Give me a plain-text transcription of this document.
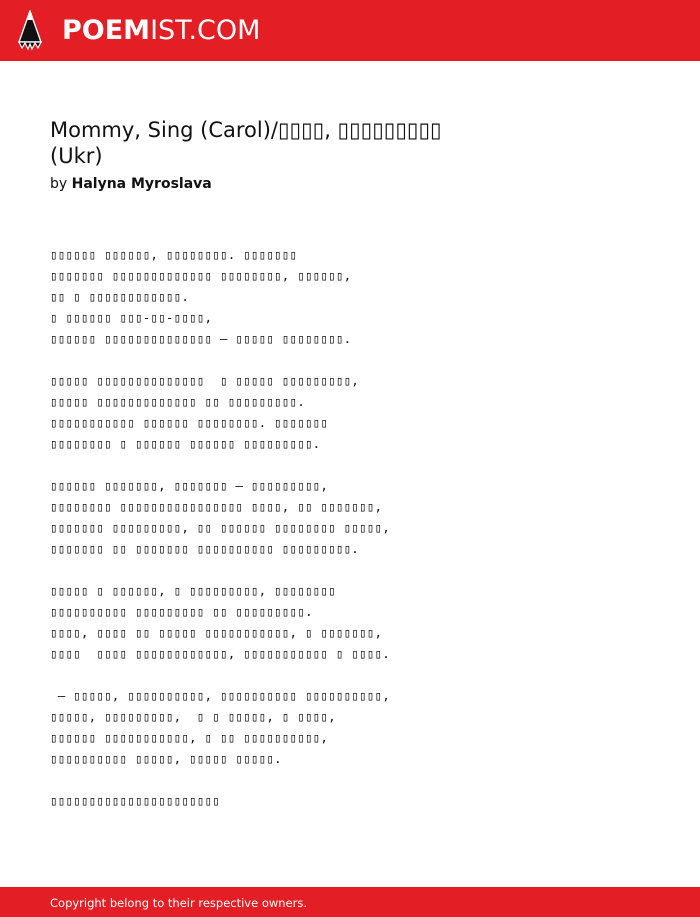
POEMIST.COM
Mommy, Sing (Carol)/▯▯▯▯, ▯▯▯▯▯▯▯▯▯ (Ukr)
by Halyna Myroslava
▯▯▯▯▯▯ ▯▯▯▯▯▯, ▯▯▯▯▯▯▯▯. ▯▯▯▯▯▯▯
▯▯▯▯▯▯▯ ▯▯▯▯▯▯▯▯▯▯▯▯▯ ▯▯▯▯▯▯▯▯, ▯▯▯▯▯▯,
▯▯ ▯ ▯▯▯▯▯▯▯▯▯▯▯▯.
▯ ▯▯▯▯▯▯ ▯▯▯-▯▯-▯▯▯▯,
▯▯▯▯▯▯ ▯▯▯▯▯▯▯▯▯▯▯▯▯▯ – ▯▯▯▯▯ ▯▯▯▯▯▯▯▯.
▯▯▯▯▯ ▯▯▯▯▯▯▯▯▯▯▯▯▯▯  ▯ ▯▯▯▯▯ ▯▯▯▯▯▯▯▯▯,
▯▯▯▯▯ ▯▯▯▯▯▯▯▯▯▯▯▯▯ ▯▯ ▯▯▯▯▯▯▯▯▯.
▯▯▯▯▯▯▯▯▯▯▯ ▯▯▯▯▯▯ ▯▯▯▯▯▯▯▯. ▯▯▯▯▯▯▯
▯▯▯▯▯▯▯▯ ▯ ▯▯▯▯▯▯ ▯▯▯▯▯▯ ▯▯▯▯▯▯▯▯▯.
▯▯▯▯▯▯ ▯▯▯▯▯▯▯, ▯▯▯▯▯▯▯ – ▯▯▯▯▯▯▯▯▯,
▯▯▯▯▯▯▯▯ ▯▯▯▯▯▯▯▯▯▯▯▯▯▯▯▯ ▯▯▯▯, ▯▯ ▯▯▯▯▯▯▯,
▯▯▯▯▯▯▯ ▯▯▯▯▯▯▯▯▯, ▯▯ ▯▯▯▯▯▯ ▯▯▯▯▯▯▯▯ ▯▯▯▯▯,
▯▯▯▯▯▯▯ ▯▯ ▯▯▯▯▯▯▯ ▯▯▯▯▯▯▯▯▯▯ ▯▯▯▯▯▯▯▯▯.
▯▯▯▯▯ ▯ ▯▯▯▯▯▯, ▯ ▯▯▯▯▯▯▯▯▯, ▯▯▯▯▯▯▯▯
▯▯▯▯▯▯▯▯▯▯ ▯▯▯▯▯▯▯▯▯ ▯▯ ▯▯▯▯▯▯▯▯▯.
▯▯▯▯, ▯▯▯▯ ▯▯ ▯▯▯▯▯ ▯▯▯▯▯▯▯▯▯▯▯, ▯ ▯▯▯▯▯▯▯,
▯▯▯▯  ▯▯▯▯ ▯▯▯▯▯▯▯▯▯▯▯▯, ▯▯▯▯▯▯▯▯▯▯▯ ▯ ▯▯▯▯.
– ▯▯▯▯▯, ▯▯▯▯▯▯▯▯▯▯, ▯▯▯▯▯▯▯▯▯▯ ▯▯▯▯▯▯▯▯▯▯,
▯▯▯▯▯, ▯▯▯▯▯▯▯▯▯,  ▯ ▯ ▯▯▯▯▯, ▯ ▯▯▯▯,
▯▯▯▯▯▯ ▯▯▯▯▯▯▯▯▯▯▯, ▯ ▯▯ ▯▯▯▯▯▯▯▯▯▯,
▯▯▯▯▯▯▯▯▯▯ ▯▯▯▯▯, ▯▯▯▯▯ ▯▯▯▯▯.
▯▯▯▯▯▯▯▯▯▯▯▯▯▯▯▯▯▯▯▯▯▯
Copyright belong to their respective owners.
